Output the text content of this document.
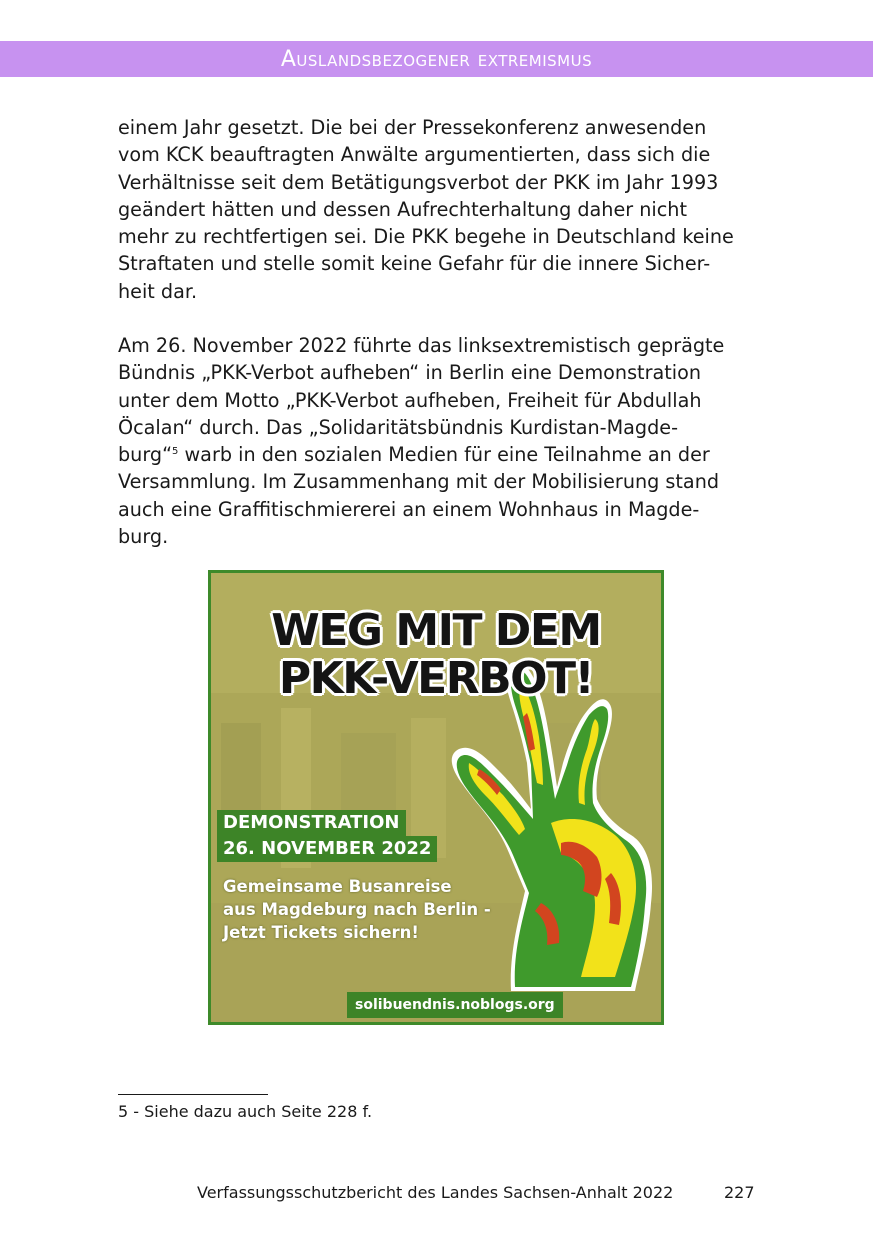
Auslandsbezogener extremismus

einem Jahr gesetzt. Die bei der Pressekonferenz anwesenden
vom KCK beauftragten Anwälte argumentierten, dass sich die
Verhältnisse seit dem Betätigungsverbot der PKK im Jahr 1993
geändert hätten und dessen Aufrechterhaltung daher nicht
mehr zu rechtfertigen sei. Die PKK begehe in Deutschland keine
Straftaten und stelle somit keine Gefahr für die innere Sicher-
heit dar.

Am 26. November 2022 führte das linksextremistisch geprägte
Bündnis „PKK-Verbot aufheben“ in Berlin eine Demonstration
unter dem Motto „PKK-Verbot aufheben, Freiheit für Abdullah
Öcalan“ durch. Das „Solidaritätsbündnis Kurdistan-Magde-
burg“$^5$ warb in den sozialen Medien für eine Teilnahme an der
Versammlung. Im Zusammenhang mit der Mobilisierung stand
auch eine Graffitischmiererei an einem Wohnhaus in Magde-
burg.

WEG MIT DEM
PKK-VERBOT!
DEMONSTRATION
26. NOVEMBER 2022

Gemeinsame Busanreise
aus Magdeburg nach Berlin -
Jetzt Tickets sichern!

solibuendnis.noblogs.org
5 - Siehe dazu auch Seite 228 f.
Verfassungsschutzbericht des Landes Sachsen-Anhalt 2022	227
